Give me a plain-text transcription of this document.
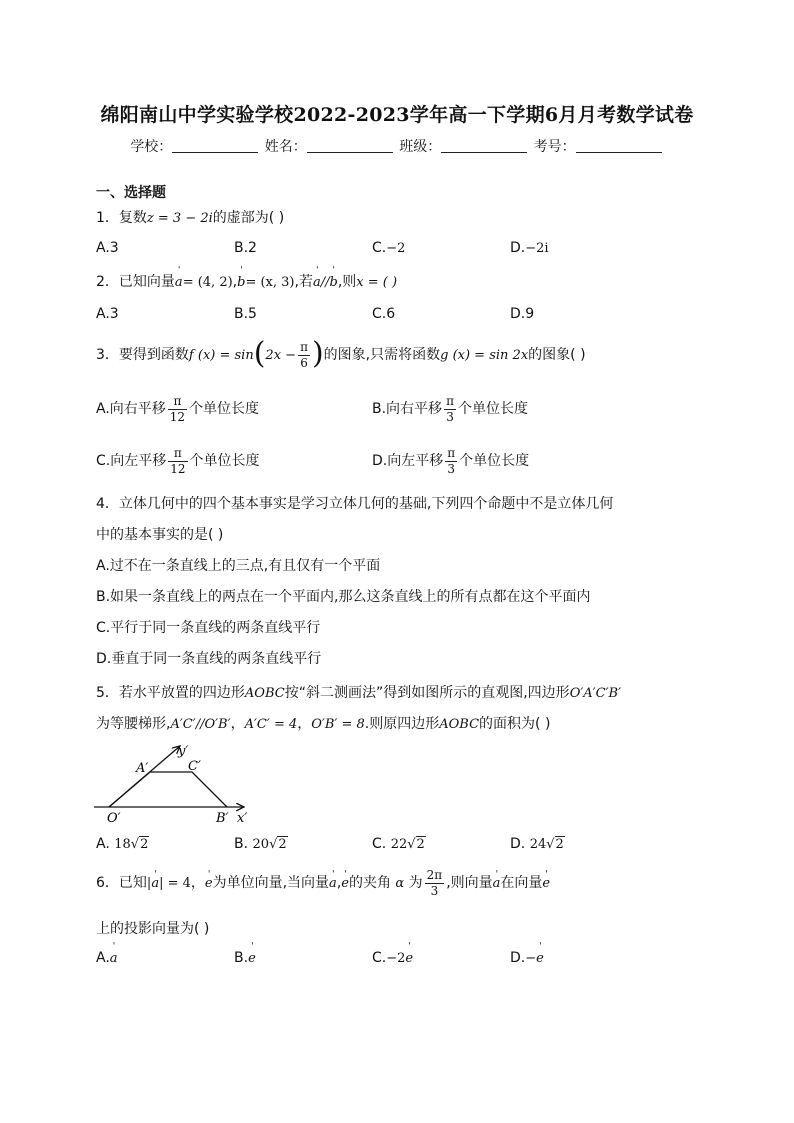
绵阳南山中学实验学校2022-2023学年高一下学期6月月考数学试卷
学校：	姓名：	班级：	考号：
一、选择题
1．复数z = 3 − 2i的虚部为( )
A.3	B.2	C.−2	D.−2i
2．已知向量' a= (4, 2),' b= (x, 3),若' a//' b,则x = ( )
A.3	B.5	C.6	D.9
3．要得到函数f $(x) = \sin(2x - \frac{\pi}{6}$ )的图象,只需将函数g (x) = sin 2x的图象( )
A.向右平移 $\frac{\pi}{12}$ 个单位长度	B.向右平移 $\frac{\pi}{3}$ 个单位长度
C.向左平移 $\frac{\pi}{12}$ 个单位长度	D.向左平移 $\frac{\pi}{3}$ 个单位长度
4．立体几何中的四个基本事实是学习立体几何的基础,下列四个命题中不是立体几何
中的基本事实的是( )
A.过不在一条直线上的三点,有且仅有一个平面
B.如果一条直线上的两点在一个平面内,那么这条直线上的所有点都在这个平面内
C.平行于同一条直线的两条直线平行
D.垂直于同一条直线的两条直线平行
5．若水平放置的四边形AOBC按“斜二测画法”得到如图所示的直观图,四边形O′A′C′B′
为等腰梯形,A′C′//O′B′，A′C′ = 4，O′B′ = 8.则原四边形AOBC的面积为( )
A′	C′
O′	B′ x′
y′
A. 18√2	B. 20√2	C. 22√2	D. 24√2
6．已知|' a| = 4，' e为单位向量,当向量' a,' e的夹角 α 为 $\frac{2\pi}{3}$ ,则向量' a在向量' e
上的投影向量为( )
A.' a	B.' e	C.−2' e	D.−' e
